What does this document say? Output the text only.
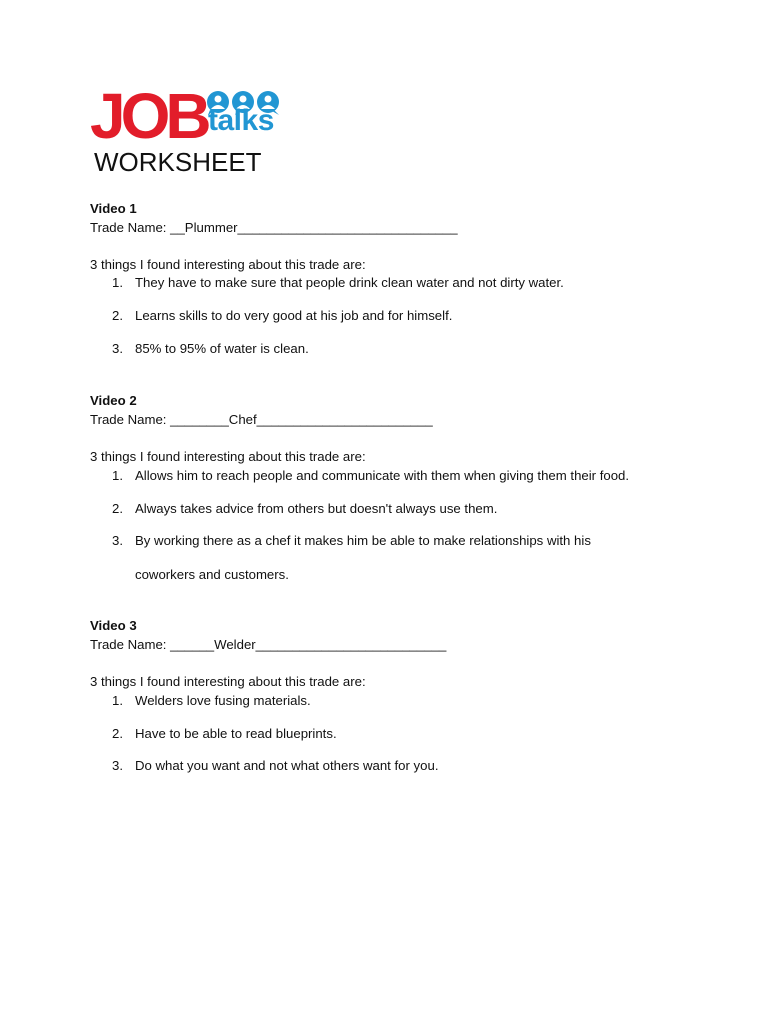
JOB talks
WORKSHEET
Video 1
Trade Name: __Plummer______________________________
3 things I found interesting about this trade are:
1. They have to make sure that people drink clean water and not dirty water.
2. Learns skills to do very good at his job and for himself.
3. 85% to 95% of water is clean.
Video 2
Trade Name: ________Chef________________________
3 things I found interesting about this trade are:
1. Allows him to reach people and communicate with them when giving them their food.
2. Always takes advice from others but doesn't always use them.
3. By working there as a chef it makes him be able to make relationships with his
coworkers and customers.
Video 3
Trade Name: ______Welder__________________________
3 things I found interesting about this trade are:
1. Welders love fusing materials.
2. Have to be able to read blueprints.
3. Do what you want and not what others want for you.
